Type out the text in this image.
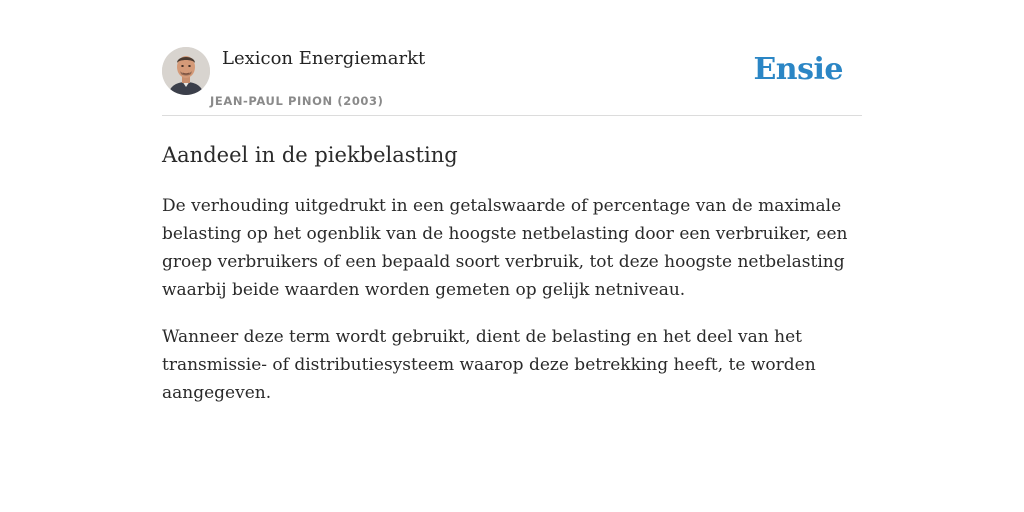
Lexicon Energiemarkt
JEAN-PAUL PINON (2003)
Ensie
Aandeel in de piekbelasting

De verhouding uitgedrukt in een getalswaarde of percentage van de maximale belasting op het ogenblik van de hoogste netbelasting door een verbruiker, een groep verbruikers of een bepaald soort verbruik, tot deze hoogste netbelasting waarbij beide waarden worden gemeten op gelijk netniveau.

Wanneer deze term wordt gebruikt, dient de belasting en het deel van het transmissie- of distributiesysteem waarop deze betrekking heeft, te worden aangegeven.
